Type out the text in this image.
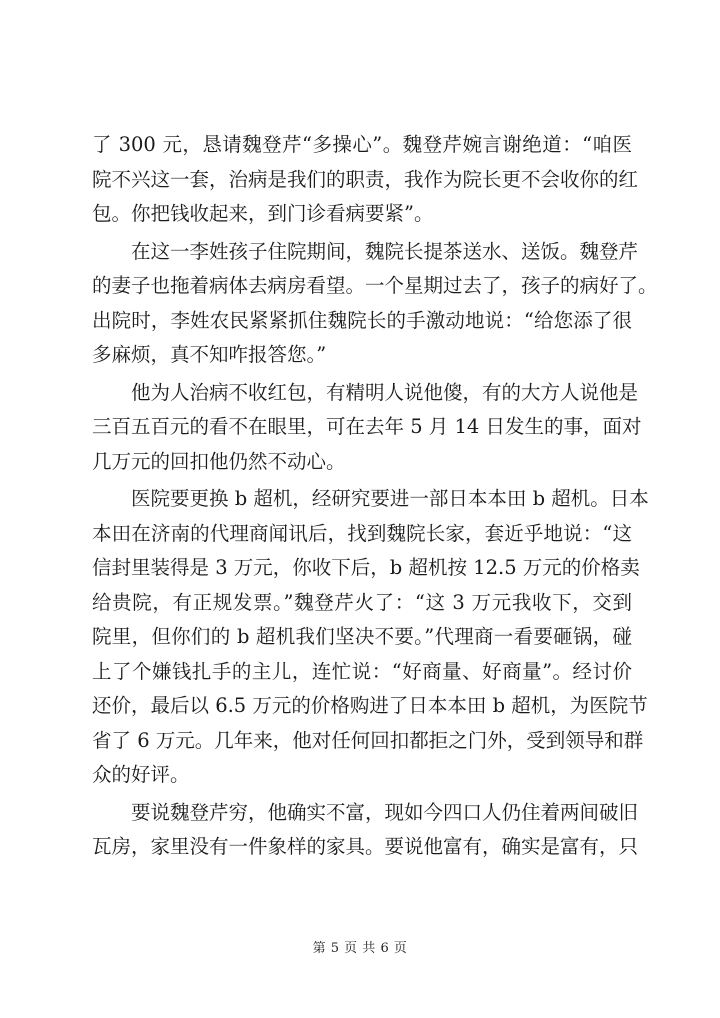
了 300 元，恳请魏登芹“多操心”。魏登芹婉言谢绝道：“咱医
院不兴这一套，治病是我们的职责，我作为院长更不会收你的红
包。你把钱收起来，到门诊看病要紧”。
在这一李姓孩子住院期间，魏院长提茶送水、送饭。魏登芹
的妻子也拖着病体去病房看望。一个星期过去了，孩子的病好了。
出院时，李姓农民紧紧抓住魏院长的手激动地说：“给您添了很
多麻烦，真不知咋报答您。”
他为人治病不收红包，有精明人说他傻，有的大方人说他是
三百五百元的看不在眼里，可在去年 5 月 14 日发生的事，面对
几万元的回扣他仍然不动心。
医院要更换 b 超机，经研究要进一部日本本田 b 超机。日本
本田在济南的代理商闻讯后，找到魏院长家，套近乎地说：“这
信封里装得是 3 万元，你收下后，b 超机按 12.5 万元的价格卖
给贵院，有正规发票。”魏登芹火了：“这 3 万元我收下，交到
院里，但你们的 b 超机我们坚决不要。”代理商一看要砸锅，碰
上了个嫌钱扎手的主儿，连忙说：“好商量、好商量”。经讨价
还价，最后以 6.5 万元的价格购进了日本本田 b 超机，为医院节
省了 6 万元。几年来，他对任何回扣都拒之门外，受到领导和群
众的好评。
要说魏登芹穷，他确实不富，现如今四口人仍住着两间破旧
瓦房，家里没有一件象样的家具。要说他富有，确实是富有，只
第 5 页 共 6 页
